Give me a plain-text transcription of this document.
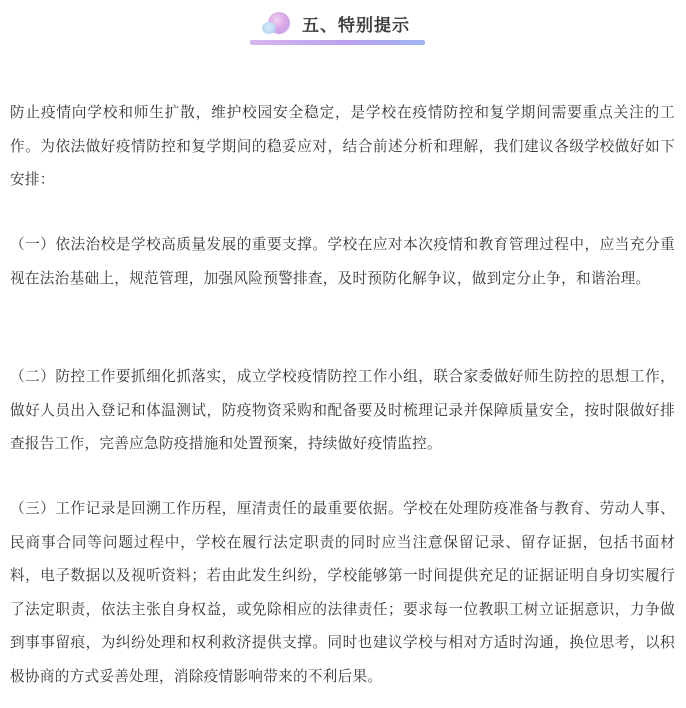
五、特别提示

防止疫情向学校和师生扩散，维护校园安全稳定，是学校在疫情防控和复学期间需要重点关注的工作。为依法做好疫情防控和复学期间的稳妥应对，结合前述分析和理解，我们建议各级学校做好如下安排：

（一）依法治校是学校高质量发展的重要支撑。学校在应对本次疫情和教育管理过程中，应当充分重视在法治基础上，规范管理，加强风险预警排查，及时预防化解争议，做到定分止争，和谐治理。

（二）防控工作要抓细化抓落实，成立学校疫情防控工作小组，联合家委做好师生防控的思想工作，做好人员出入登记和体温测试，防疫物资采购和配备要及时梳理记录并保障质量安全，按时限做好排查报告工作，完善应急防疫措施和处置预案，持续做好疫情监控。

（三）工作记录是回溯工作历程，厘清责任的最重要依据。学校在处理防疫准备与教育、劳动人事、民商事合同等问题过程中，学校在履行法定职责的同时应当注意保留记录、留存证据，包括书面材料，电子数据以及视听资料；若由此发生纠纷，学校能够第一时间提供充足的证据证明自身切实履行了法定职责，依法主张自身权益，或免除相应的法律责任；要求每一位教职工树立证据意识，力争做到事事留痕，为纠纷处理和权利救济提供支撑。同时也建议学校与相对方适时沟通，换位思考，以积极协商的方式妥善处理，消除疫情影响带来的不利后果。
